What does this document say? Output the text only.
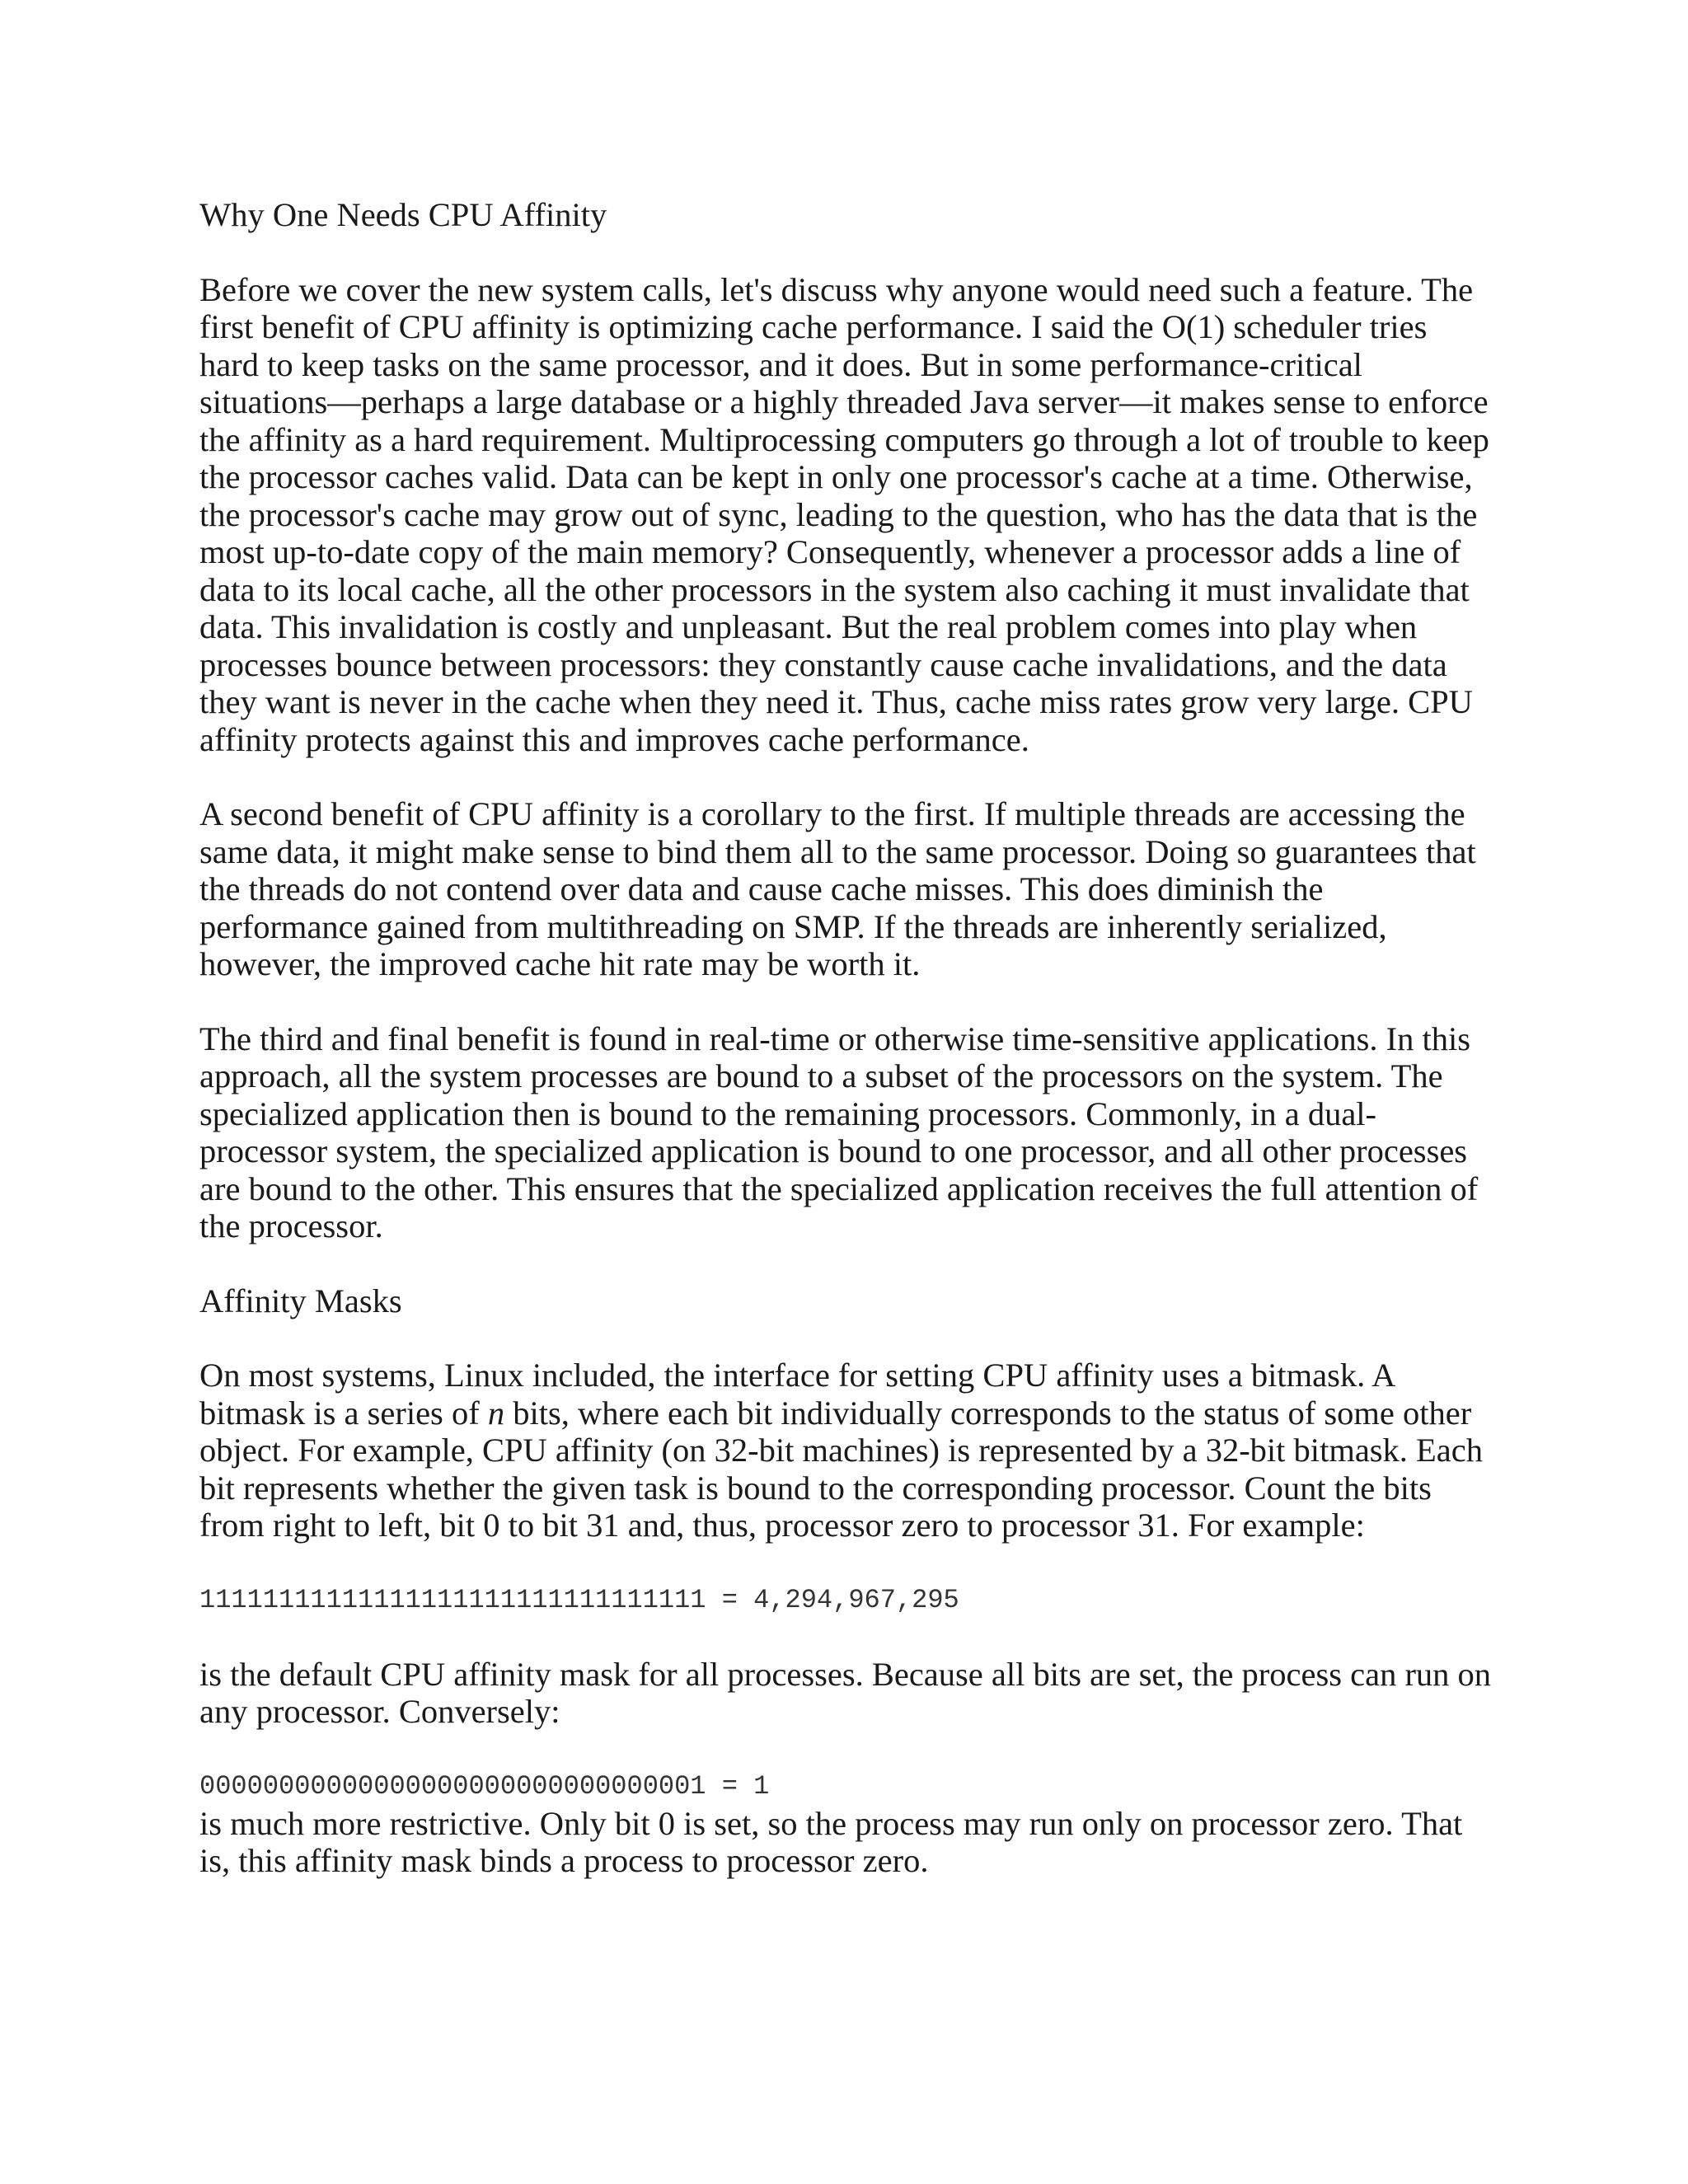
Why One Needs CPU Affinity

Before we cover the new system calls, let's discuss why anyone would need such a feature. The first benefit of CPU affinity is optimizing cache performance. I said the O(1) scheduler tries hard to keep tasks on the same processor, and it does. But in some performance-critical situations—perhaps a large database or a highly threaded Java server—it makes sense to enforce the affinity as a hard requirement. Multiprocessing computers go through a lot of trouble to keep the processor caches valid. Data can be kept in only one processor's cache at a time. Otherwise, the processor's cache may grow out of sync, leading to the question, who has the data that is the most up-to-date copy of the main memory? Consequently, whenever a processor adds a line of data to its local cache, all the other processors in the system also caching it must invalidate that data. This invalidation is costly and unpleasant. But the real problem comes into play when processes bounce between processors: they constantly cause cache invalidations, and the data they want is never in the cache when they need it. Thus, cache miss rates grow very large. CPU affinity protects against this and improves cache performance.

A second benefit of CPU affinity is a corollary to the first. If multiple threads are accessing the same data, it might make sense to bind them all to the same processor. Doing so guarantees that the threads do not contend over data and cause cache misses. This does diminish the performance gained from multithreading on SMP. If the threads are inherently serialized, however, the improved cache hit rate may be worth it.

The third and final benefit is found in real-time or otherwise time-sensitive applications. In this approach, all the system processes are bound to a subset of the processors on the system. The specialized application then is bound to the remaining processors. Commonly, in a dual-processor system, the specialized application is bound to one processor, and all other processes are bound to the other. This ensures that the specialized application receives the full attention of the processor.

Affinity Masks

On most systems, Linux included, the interface for setting CPU affinity uses a bitmask. A bitmask is a series of n bits, where each bit individually corresponds to the status of some other object. For example, CPU affinity (on 32-bit machines) is represented by a 32-bit bitmask. Each bit represents whether the given task is bound to the corresponding processor. Count the bits from right to left, bit 0 to bit 31 and, thus, processor zero to processor 31. For example:

11111111111111111111111111111111 = 4,294,967,295

is the default CPU affinity mask for all processes. Because all bits are set, the process can run on any processor. Conversely:

00000000000000000000000000000001 = 1

is much more restrictive. Only bit 0 is set, so the process may run only on processor zero. That is, this affinity mask binds a process to processor zero.
